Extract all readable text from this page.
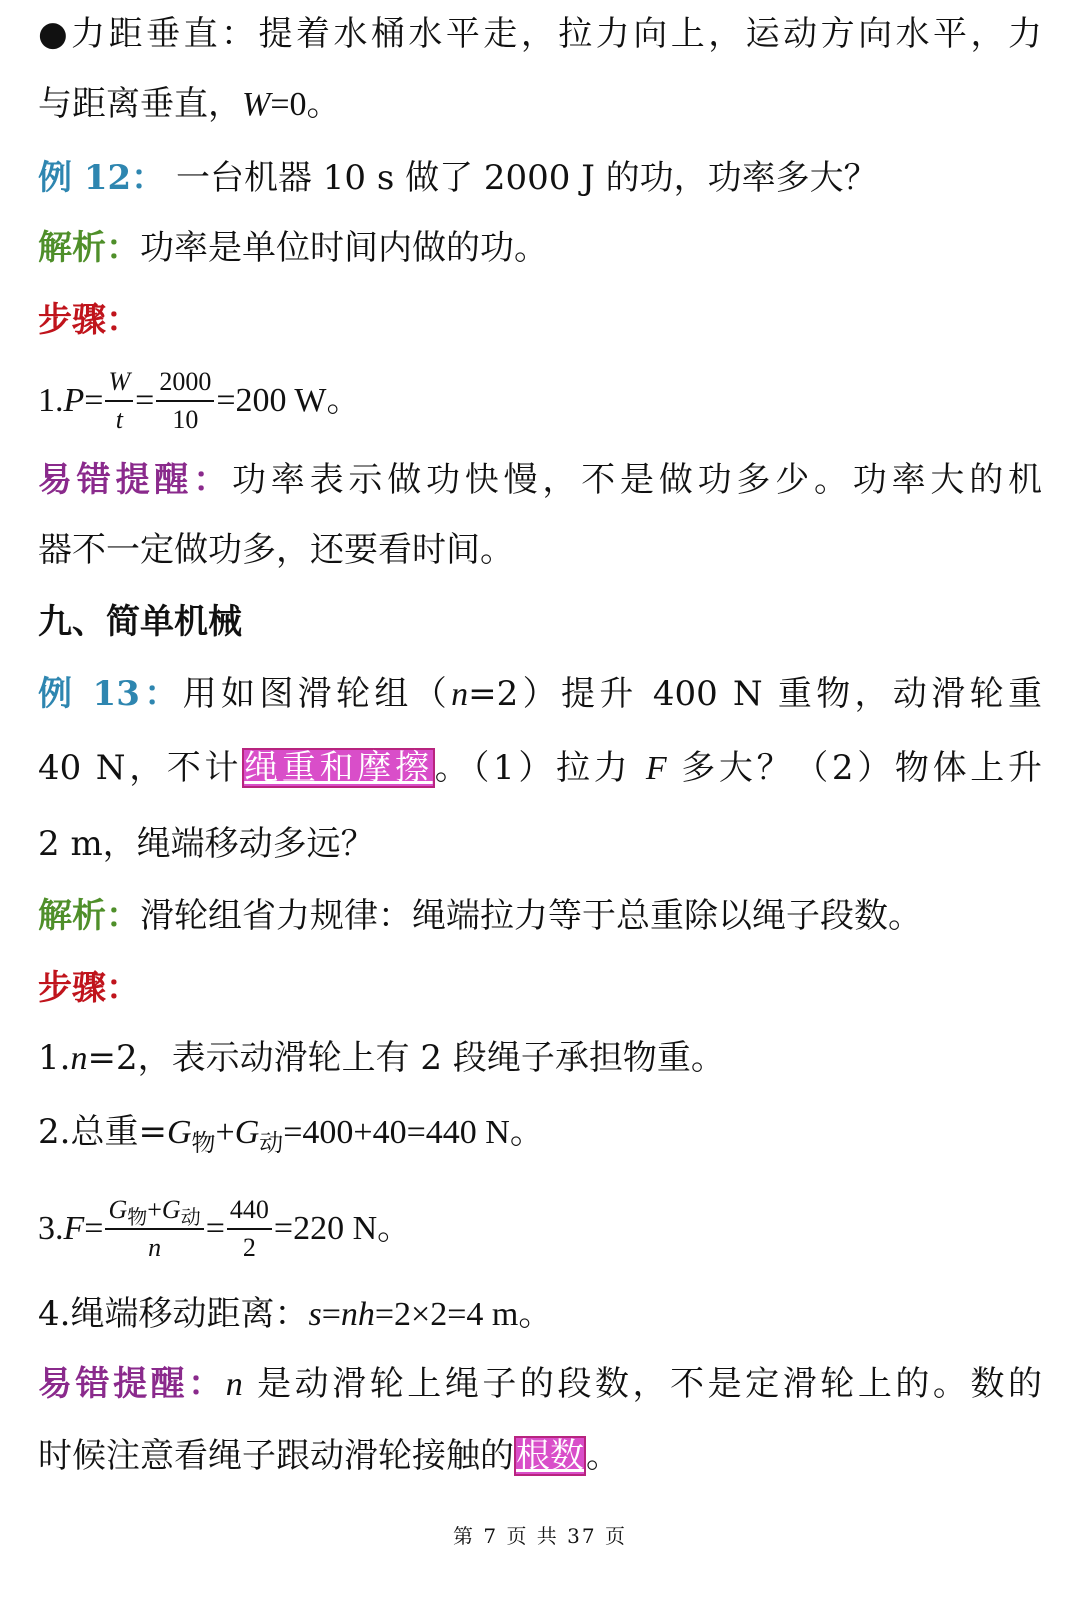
●力距垂直：提着水桶水平走，拉力向上，运动方向水平，力
与距离垂直，W=0。
例 12： 一台机器 10 s 做了 2000 J 的功，功率多大？
解析：功率是单位时间内做的功。
步骤：
$1.P= \frac{W}{t} = \frac{2000}{10} =200$ W。
易错提醒：功率表示做功快慢，不是做功多少。功率大的机
器不一定做功多，还要看时间。
九、简单机械
例 13：用如图滑轮组（n=2）提升 400 N 重物，动滑轮重
40 N，不计绳重和摩擦。（1）拉力 F 多大？（2）物体上升
2 m，绳端移动多远？
解析：滑轮组省力规律：绳端拉力等于总重除以绳子段数。
步骤：
1.n=2，表示动滑轮上有 2 段绳子承担物重。
2.总重$=G_物+G_动=400+40=440$ N。
$3.F= \frac{G_物+G_动}{n} = \frac{440}{2} =220$ N。
4.绳端移动距离：s=nh=2×2=4 m。
易错提醒：n 是动滑轮上绳子的段数，不是定滑轮上的。数的
时候注意看绳子跟动滑轮接触的根数。
第 7 页 共 37 页
